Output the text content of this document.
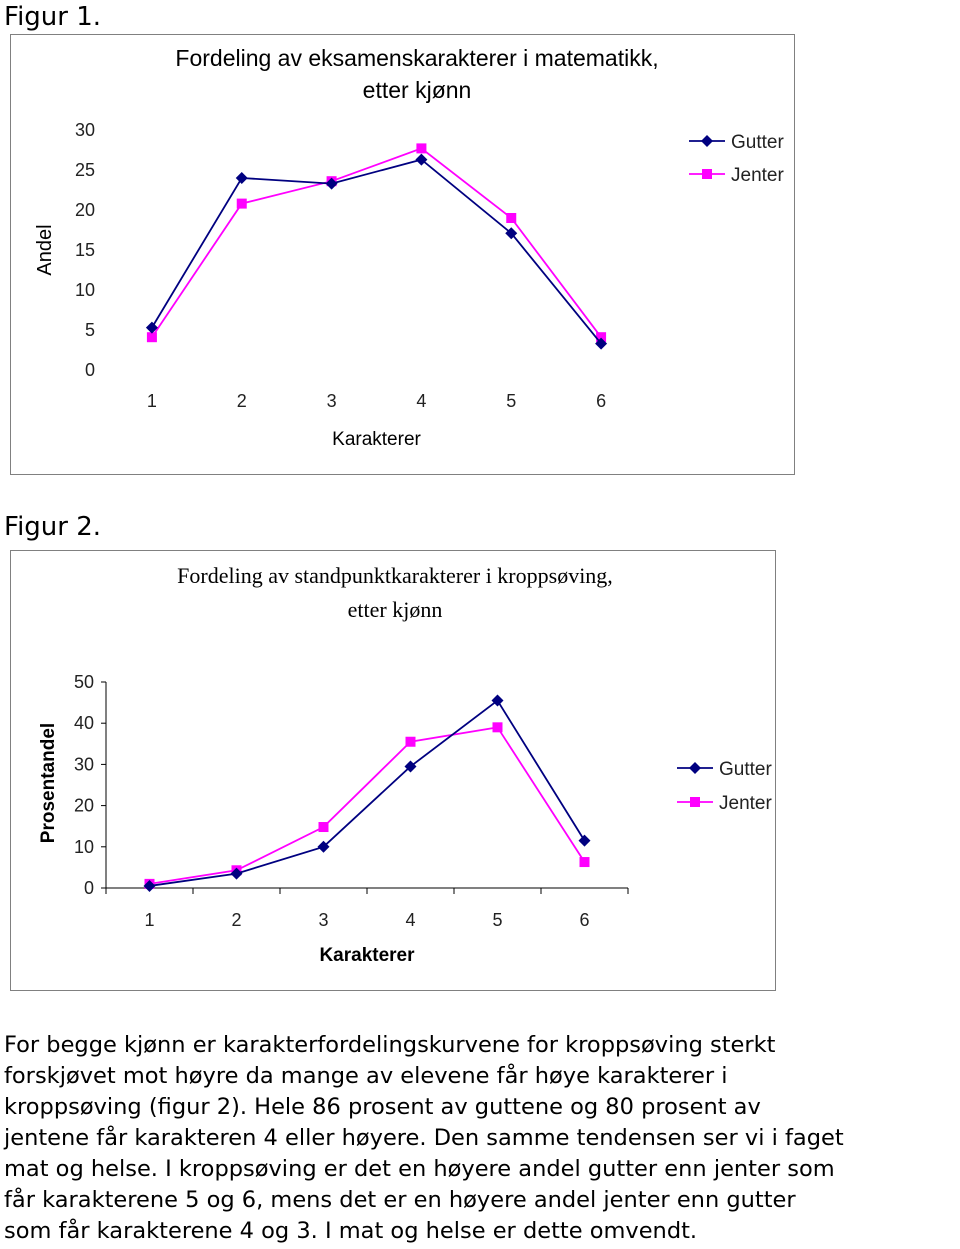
Figur 1.
Fordeling av eksamenskarakterer i matematikk,
etter kjønn
0
5
10
15
20
25
30
1	2	3	4	5	6
Karakterer
Andel
Gutter
Jenter
Figur 2.
Fordeling av standpunktkarakterer i kroppsøving,
etter kjønn
0
10
20
30
40
50
1	2	3	4	5	6
Karakterer
Prosentandel	Gutter
Jenter
For begge kjønn er karakterfordelingskurvene for kroppsøving sterkt
forskjøvet mot høyre da mange av elevene får høye karakterer i
kroppsøving (figur 2). Hele 86 prosent av guttene og 80 prosent av
jentene får karakteren 4 eller høyere. Den samme tendensen ser vi i faget
mat og helse. I kroppsøving er det en høyere andel gutter enn jenter som
får karakterene 5 og 6, mens det er en høyere andel jenter enn gutter
som får karakterene 4 og 3. I mat og helse er dette omvendt.
